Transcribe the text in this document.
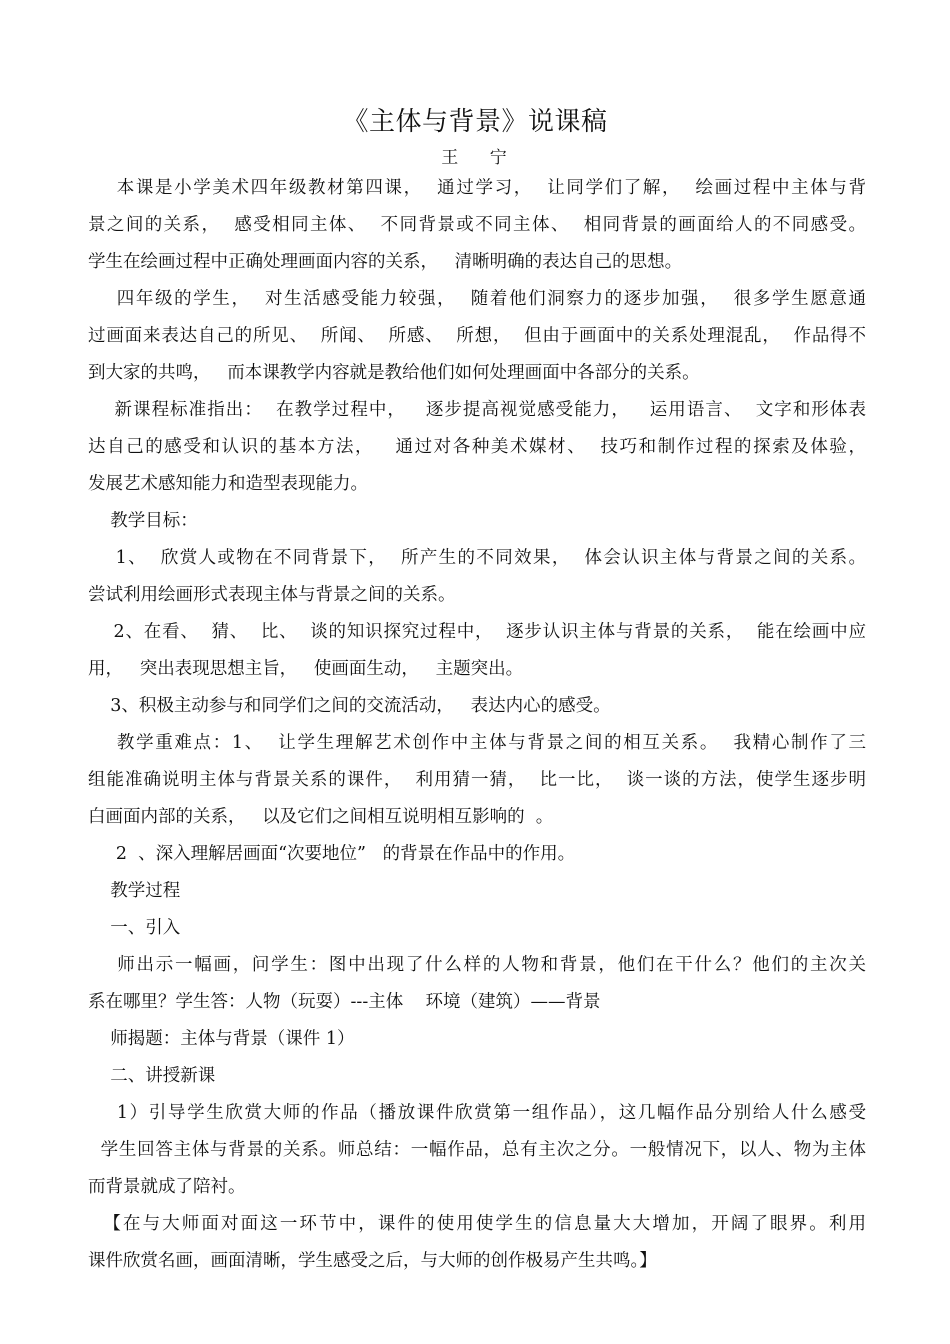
《主体与背景》说课稿
王    宁
本课是小学美术四年级教材第四课，  通过学习，  让同学们了解，  绘画过程中主体与背
景之间的关系，  感受相同主体、  不同背景或不同主体、  相同背景的画面给人的不同感受。
学生在绘画过程中正确处理画面内容的关系，   清晰明确的表达自己的思想。
四年级的学生，  对生活感受能力较强，  随着他们洞察力的逐步加强，  很多学生愿意通
过画面来表达自己的所见、  所闻、  所感、  所想，  但由于画面中的关系处理混乱，  作品得不
到大家的共鸣，   而本课教学内容就是教给他们如何处理画面中各部分的关系。
新课程标准指出：  在教学过程中，   逐步提高视觉感受能力，   运用语言、  文字和形体表
达自己的感受和认识的基本方法，   通过对各种美术媒材、  技巧和制作过程的探索及体验，
发展艺术感知能力和造型表现能力。
教学目标：
1、  欣赏人或物在不同背景下，  所产生的不同效果，  体会认识主体与背景之间的关系。
尝试利用绘画形式表现主体与背景之间的关系。
2、在看、  猜、  比、  谈的知识探究过程中，  逐步认识主体与背景的关系，  能在绘画中应
用，   突出表现思想主旨，   使画面生动，   主题突出。
3、积极主动参与和同学们之间的交流活动，   表达内心的感受。
教学重难点：1、  让学生理解艺术创作中主体与背景之间的相互关系。  我精心制作了三
组能准确说明主体与背景关系的课件，  利用猜一猜，  比一比，  谈一谈的方法，使学生逐步明
白画面内部的关系，   以及它们之间相互说明相互影响的  。
2  、深入理解居画面“次要地位”   的背景在作品中的作用。
教学过程
一、引入
师出示一幅画，问学生：图中出现了什么样的人物和背景，他们在干什么？他们的主次关
系在哪里？学生答：人物（玩耍）---主体    环境（建筑）——背景
师揭题：主体与背景（课件 1）
二、讲授新课
1）引导学生欣赏大师的作品（播放课件欣赏第一组作品），这几幅作品分别给人什么感受
学生回答主体与背景的关系。师总结：一幅作品，总有主次之分。一般情况下，以人、物为主体
而背景就成了陪衬。
【在与大师面对面这一环节中，课件的使用使学生的信息量大大增加，开阔了眼界。利用
课件欣赏名画，画面清晰，学生感受之后，与大师的创作极易产生共鸣。】
